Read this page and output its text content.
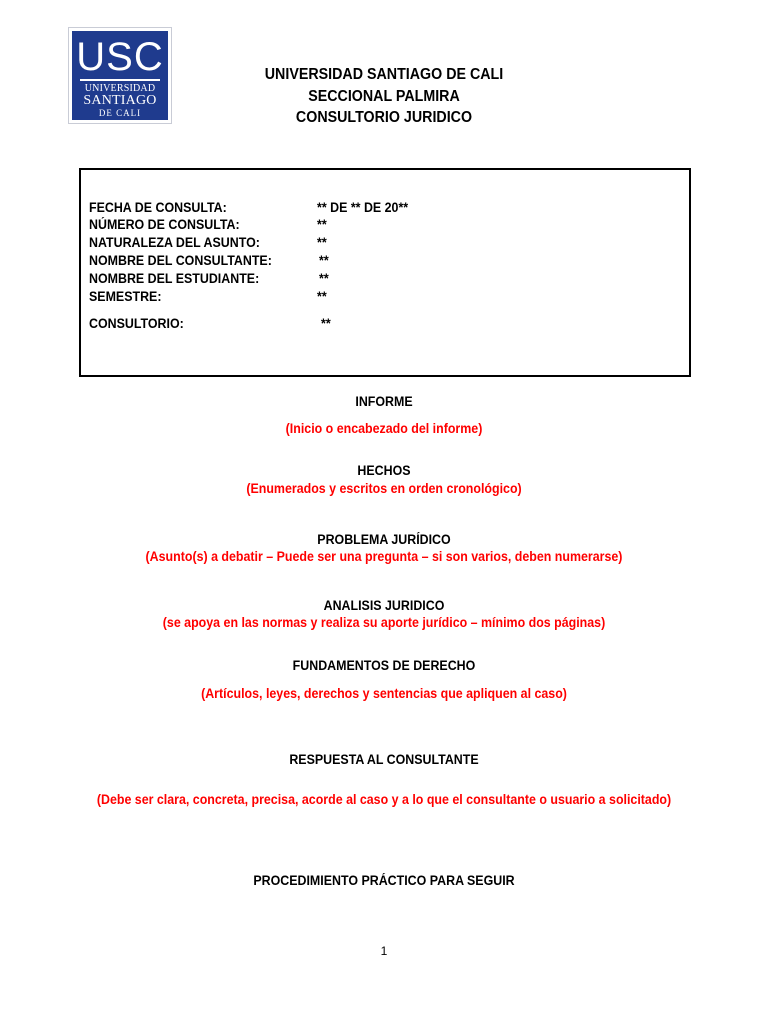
USC
UNIVERSIDAD
SANTIAGO
DE CALI
UNIVERSIDAD SANTIAGO DE CALI
SECCIONAL PALMIRA
CONSULTORIO JURIDICO
FECHA DE CONSULTA:	** DE ** DE 20**
NÚMERO DE CONSULTA:	**
NATURALEZA DEL ASUNTO:	**
NOMBRE DEL CONSULTANTE:	**
NOMBRE DEL ESTUDIANTE:	**
SEMESTRE:	**
CONSULTORIO:	**
INFORME
(Inicio o encabezado del informe)
HECHOS
(Enumerados y escritos en orden cronológico)
PROBLEMA JURÍDICO
(Asunto(s) a debatir – Puede ser una pregunta – si son varios, deben numerarse)
ANALISIS JURIDICO
(se apoya en las normas y realiza su aporte jurídico – mínimo dos páginas)
FUNDAMENTOS DE DERECHO
(Artículos, leyes, derechos y sentencias que apliquen al caso)
RESPUESTA AL CONSULTANTE
(Debe ser clara, concreta, precisa, acorde al caso y a lo que el consultante o usuario a solicitado)
PROCEDIMIENTO PRÁCTICO PARA SEGUIR
1
